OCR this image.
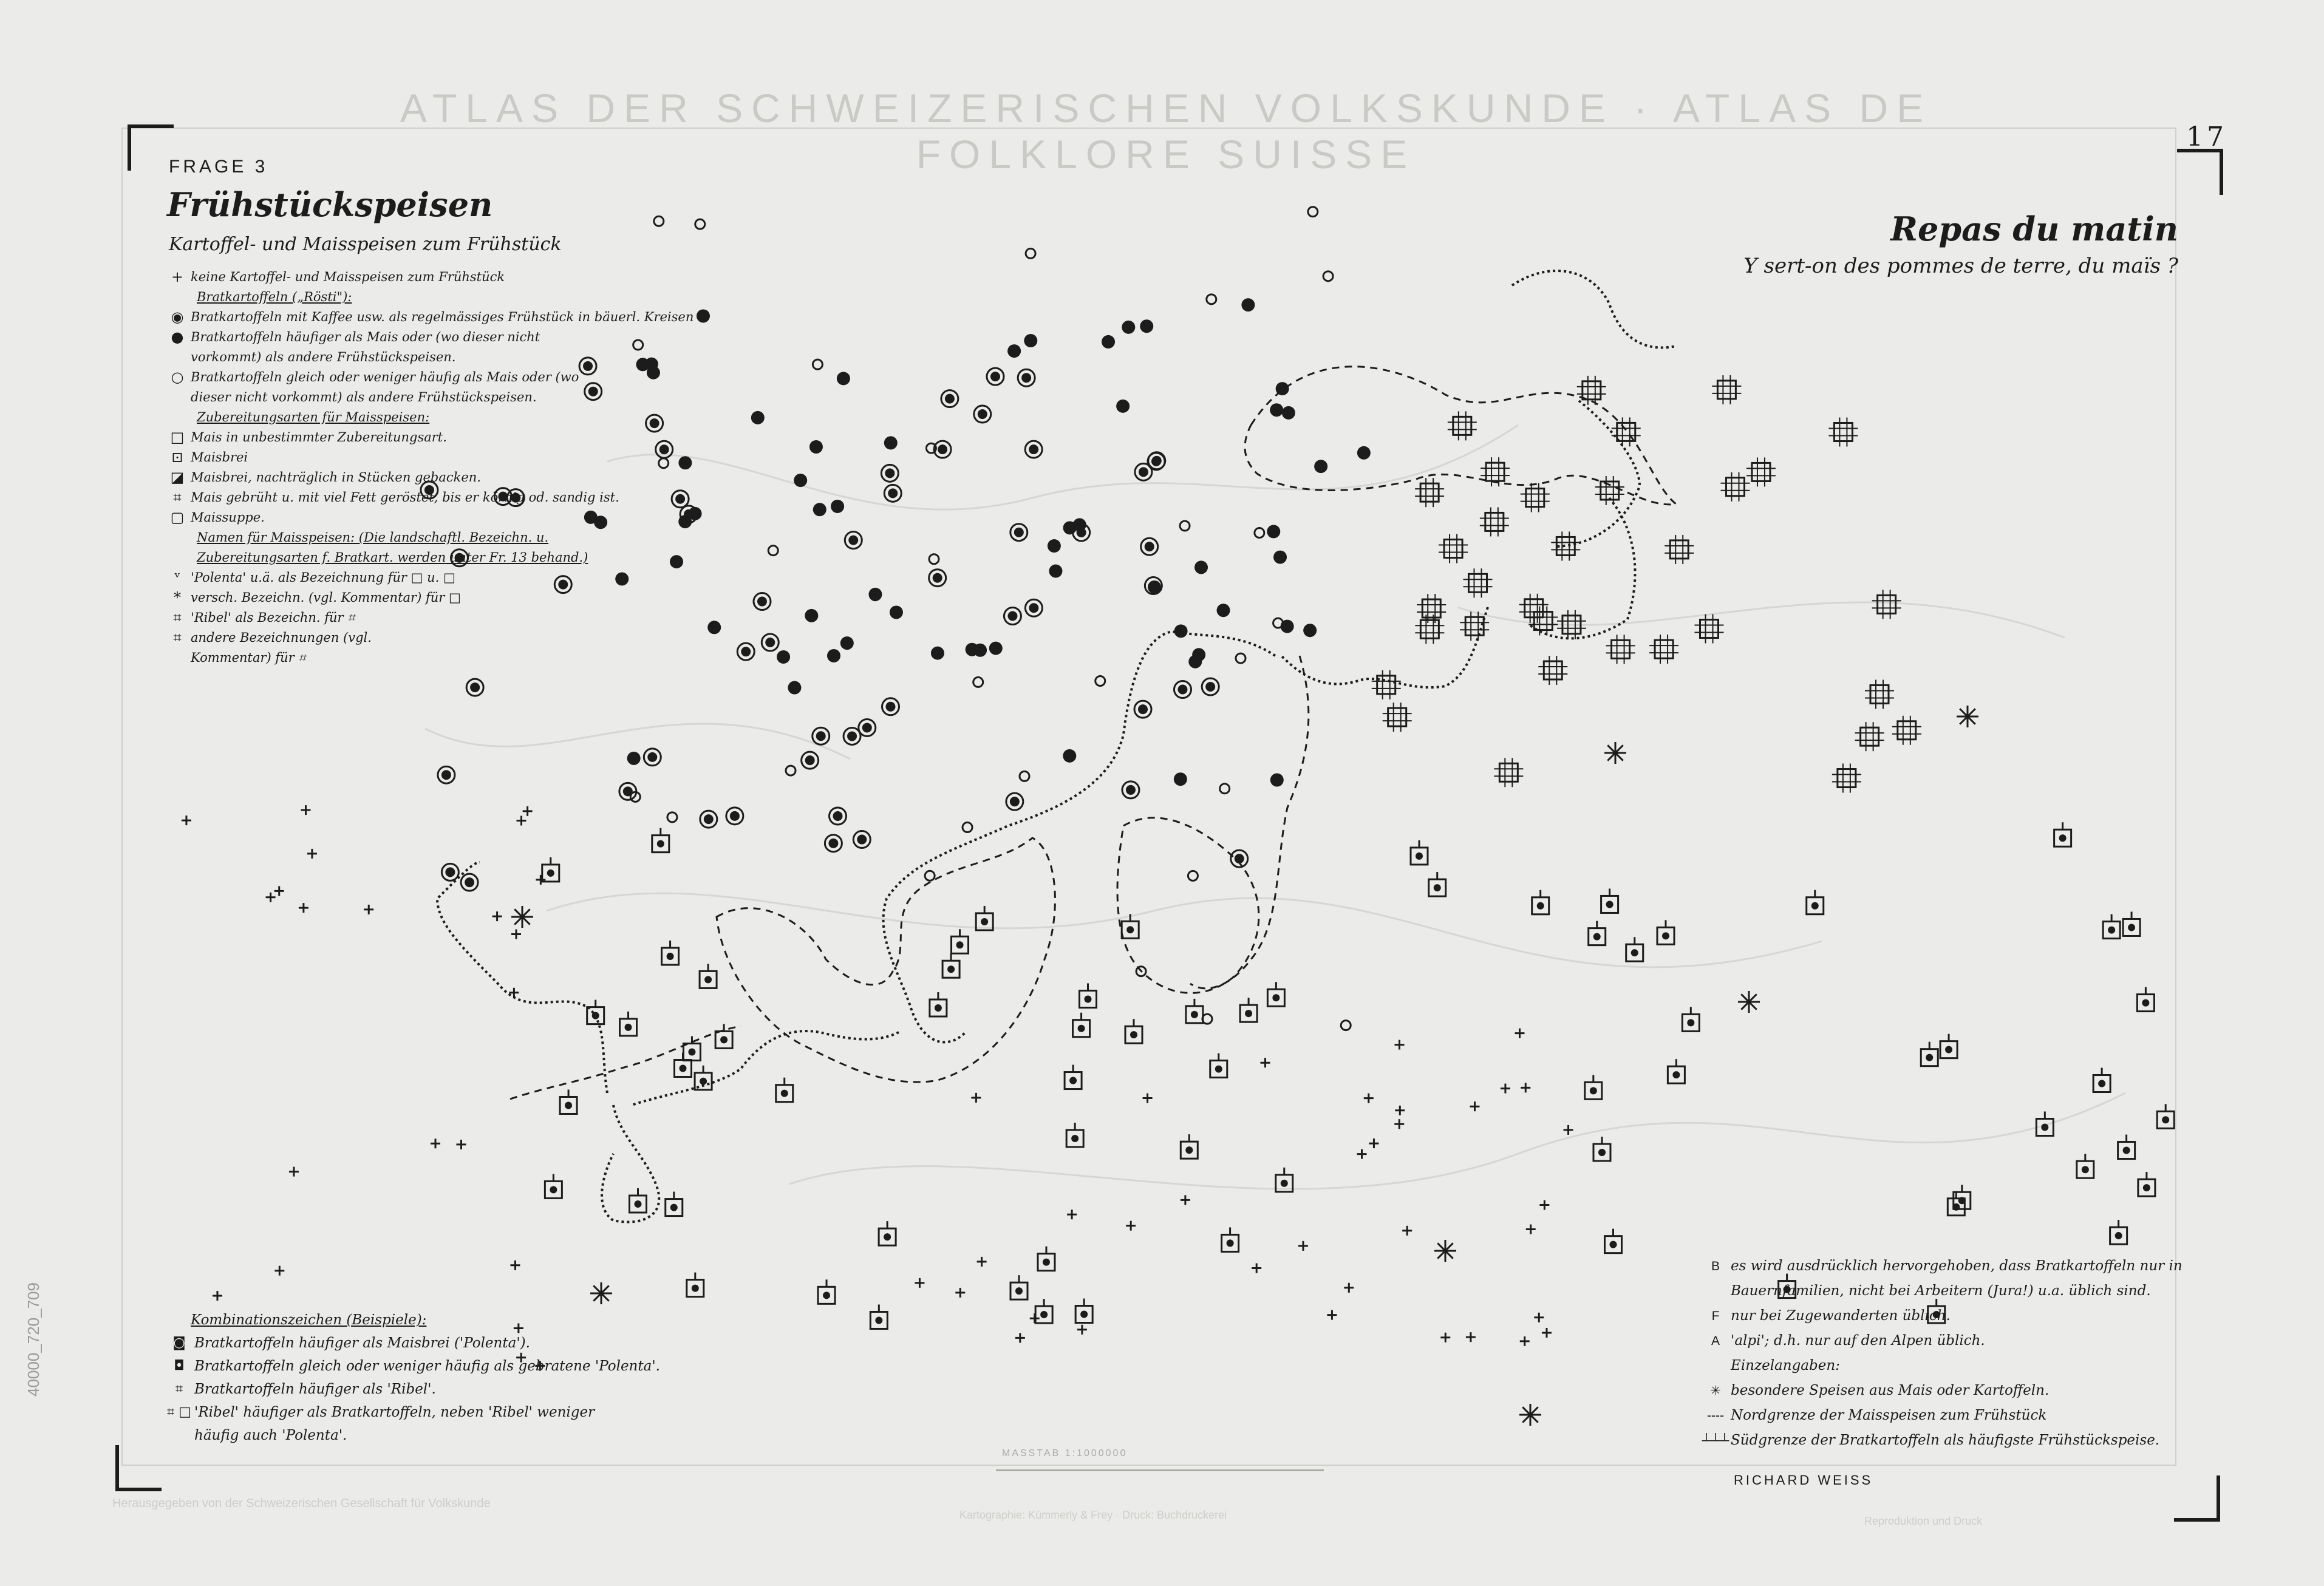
ATLAS DER SCHWEIZERISCHEN VOLKSKUNDE · ATLAS DE FOLKLORE SUISSE	17
FRAGE 3
Frühstückspeisen
Kartoffel- und Maisspeisen zum Frühstück	Repas du matin
Y sert-on des pommes de terre, du maïs ?
+ keine Kartoffel- und Maisspeisen zum Frühstück
Bratkartoffeln („Rösti"):
◉ Bratkartoffeln mit Kaffee usw. als regelmässiges Frühstück in bäuerl. Kreisen
● Bratkartoffeln häufiger als Mais oder (wo dieser nicht
vorkommt) als andere Frühstückspeisen.
○ Bratkartoffeln gleich oder weniger häufig als Mais oder (wo
dieser nicht vorkommt) als andere Frühstückspeisen.
Zubereitungsarten für Maisspeisen:
□ Mais in unbestimmter Zubereitungsart.
⊡ Maisbrei
◪ Maisbrei, nachträglich in Stücken gebacken.
⌗ Mais gebrüht u. mit viel Fett geröstet, bis er körnig od. sandig ist.
▢ Maissuppe.
Namen für Maisspeisen: (Die landschaftl. Bezeichn. u.
Zubereitungsarten f. Bratkart. werden unter Fr. 13 behand.)
ᵛ 'Polenta' u.ä. als Bezeichnung für □ u. □
* versch. Bezeichn. (vgl. Kommentar) für □
⌗ 'Ribel' als Bezeichn. für ⌗
⌗ andere Bezeichnungen (vgl.
Kommentar) für ⌗
Kombinationszeichen (Beispiele):
◙ Bratkartoffeln häufiger als Maisbrei ('Polenta').
◘ Bratkartoffeln gleich oder weniger häufig als gebratene 'Polenta'.
⌗ Bratkartoffeln häufiger als 'Ribel'.
⌗ □ 'Ribel' häufiger als Bratkartoffeln, neben 'Ribel' weniger
häufig auch 'Polenta'.
B es wird ausdrücklich hervorgehoben, dass Bratkartoffeln nur in
Bauernfamilien, nicht bei Arbeitern (Jura!) u.a. üblich sind.
F nur bei Zugewanderten üblich.
A 'alpi'; d.h. nur auf den Alpen üblich.
Einzelangaben:
✳ besondere Speisen aus Mais oder Kartoffeln.
---- Nordgrenze der Maisspeisen zum Frühstück
┴┴┴ Südgrenze der Bratkartoffeln als häufigste Frühstückspeise.
RICHARD WEISS
MASSTAB 1:1000000
Herausgegeben von der Schweizerischen Gesellschaft für Volkskunde
Kartographie: Kümmerly & Frey · Druck: Buchdruckerei	Reproduktion und Druck
40000_720_709
